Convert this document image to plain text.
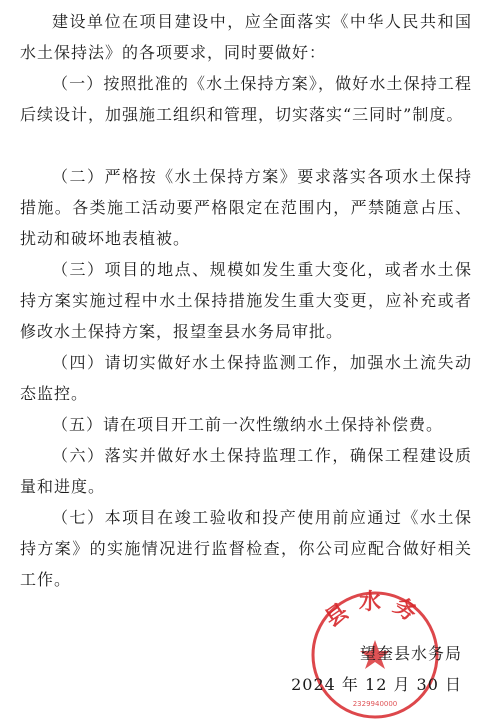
建设单位在项目建设中，应全面落实《中华人民共和国水土保持法》的各项要求，同时要做好：

（一）按照批准的《水土保持方案》，做好水土保持工程后续设计，加强施工组织和管理，切实落实“三同时”制度。

（二）严格按《水土保持方案》要求落实各项水土保持措施。各类施工活动要严格限定在范围内，严禁随意占压、扰动和破坏地表植被。

（三）项目的地点、规模如发生重大变化，或者水土保持方案实施过程中水土保持措施发生重大变更，应补充或者修改水土保持方案，报望奎县水务局审批。

（四）请切实做好水土保持监测工作，加强水土流失动态监控。

（五）请在项目开工前一次性缴纳水土保持补偿费。

（六）落实并做好水土保持监理工作，确保工程建设质量和进度。

（七）本项目在竣工验收和投产使用前应通过《水土保持方案》的实施情况进行监督检查，你公司应配合做好相关工作。

县水务
2329940000
望奎县水务局
2024 年 12 月 30 日
